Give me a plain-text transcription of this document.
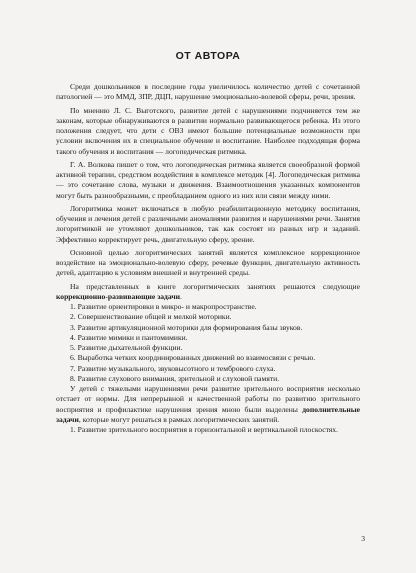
ОТ АВТОРА

Среди дошкольников в последние годы увеличилось количество детей с сочетанной патологией — это ММД, ЗПР, ДЦП, нарушение эмоционально-волевой сферы, речи, зрения.

По мнению Л. С. Выготского, развитие детей с нарушениями подчиняется тем же законам, которые обнаруживаются в развитии нормально развивающегося ребенка. Из этого положения следует, что дети с ОВЗ имеют большие потенциальные возможности при условии включения их в специальное обучение и воспитание. Наиболее подходящая форма такого обучения и воспитания — логопедическая ритмика.

Г. А. Волкова пишет о том, что логопедическая ритмика является своеобразной формой активной терапии, средством воздействия в комплексе методик [4]. Логопедическая ритмика — это сочетание слова, музыки и движения. Взаимоотношения указанных компонентов могут быть разнообразными, с преобладанием одного из них или связи между ними.

Логоритмика может включаться в любую реабилитационную методику воспитания, обучения и лечения детей с различными аномалиями развития и нарушениями речи. Занятия логоритмикой не утомляют дошкольников, так как состоят из разных игр и заданий. Эффективно корректирует речь, двигательную сферу, зрение.

Основной целью логоритмических занятий является комплексное коррекционное воздействие на эмоционально-волевую сферу, речевые функции, двигательную активность детей, адаптацию к условиям внешней и внутренней среды.

На представленных в книге логоритмических занятиях решаются следующие коррекционно-развивающие задачи.

1. Развитие ориентировки в микро- и макропространстве.

2. Совершенствование общей и мелкой моторики.

3. Развитие артикуляционной моторики для формирования базы звуков.

4. Развитие мимики и пантомимики.

5. Развитие дыхательной функции.

6. Выработка четких координированных движений во взаимосвязи с речью.

7. Развитие музыкального, звуковысотного и тембрового слуха.

8. Развитие слухового внимания, зрительной и слуховой памяти.

У детей с тяжелыми нарушениями речи развитие зрительного восприятия несколько отстает от нормы. Для непрерывной и качественной работы по развитию зрительного восприятия и профилактике нарушения зрения мною были выделены дополнительные задачи, которые могут решаться в рамках логоритмических занятий.

1. Развитие зрительного восприятия в горизонтальной и вертикальной плоскостях.

3
